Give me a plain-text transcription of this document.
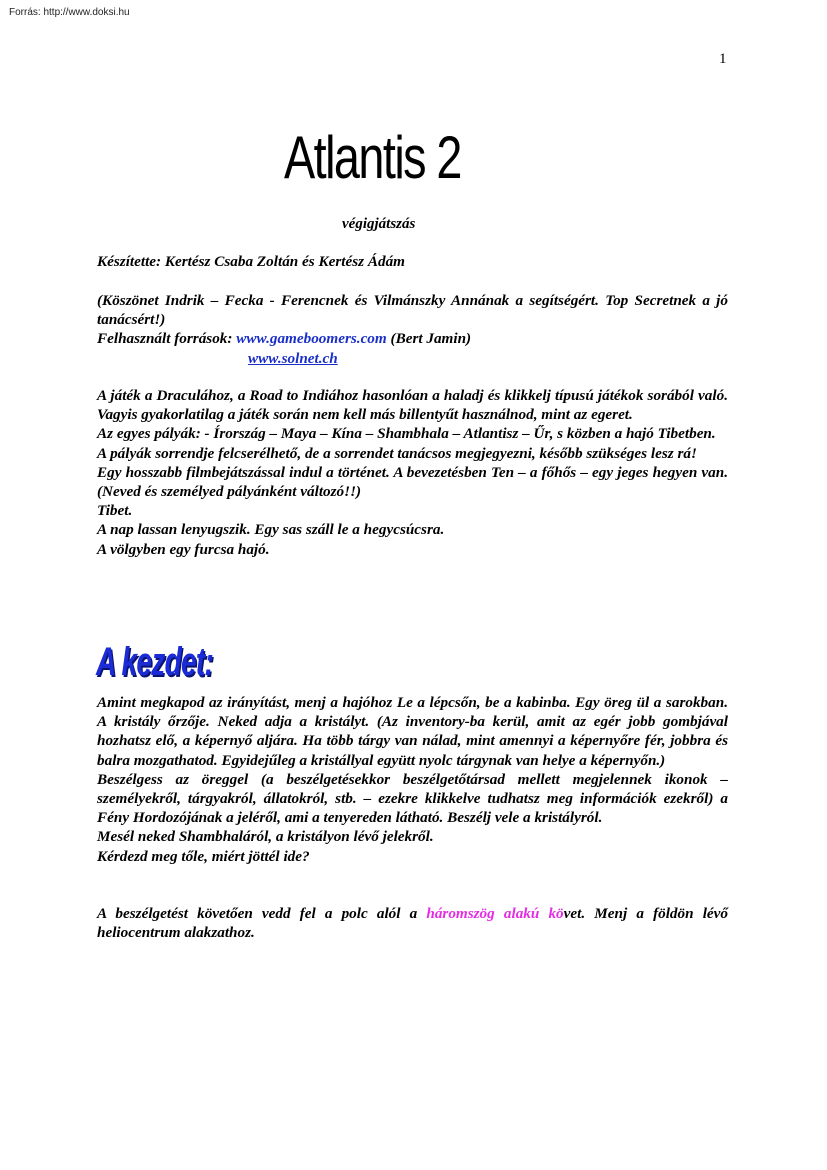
Forrás: http://www.doksi.hu
1
Atlantis 2
végigjátszás

Készítette: Kertész Csaba Zoltán és Kertész Ádám

(Köszönet Indrik – Fecka - Ferencnek és Vilmánszky Annának a segítségért. Top Secretnek a jó tanácsért!)

Felhasznált források: www.gameboomers.com (Bert Jamin)

www.solnet.ch

A játék a Draculához, a Road to Indiához hasonlóan a haladj és klikkelj típusú játékok sorából való. Vagyis gyakorlatilag a játék során nem kell más billentyűt használnod, mint az egeret.

Az egyes pályák: - Írország – Maya – Kína – Shambhala – Atlantisz – Űr, s közben a hajó Tibetben.

A pályák sorrendje felcserélhető, de a sorrendet tanácsos megjegyezni, később szükséges lesz rá!

Egy hosszabb filmbejátszással indul a történet. A bevezetésben Ten – a főhős – egy jeges hegyen van. (Neved és személyed pályánként változó!!)

Tibet.

A nap lassan lenyugszik. Egy sas száll le a hegycsúcsra.

A völgyben egy furcsa hajó.

A kezdet:

Amint megkapod az irányítást, menj a hajóhoz Le a lépcsőn, be a kabinba. Egy öreg ül a sarokban. A kristály őrzője. Neked adja a kristályt. (Az inventory-ba kerül, amit az egér jobb gombjával hozhatsz elő, a képernyő aljára. Ha több tárgy van nálad, mint amennyi a képernyőre fér, jobbra és balra mozgathatod. Egyidejűleg a kristállyal együtt nyolc tárgynak van helye a képernyőn.)

Beszélgess az öreggel (a beszélgetésekkor beszélgetőtársad mellett megjelennek ikonok – személyekről, tárgyakról, állatokról, stb. – ezekre klikkelve tudhatsz meg információk ezekről) a Fény Hordozójának a jeléről, ami a tenyereden látható. Beszélj vele a kristályról.

Mesél neked Shambhaláról, a kristályon lévő jelekről.

Kérdezd meg tőle, miért jöttél ide?

A beszélgetést követően vedd fel a polc alól a háromszög alakú követ. Menj a földön lévő heliocentrum alakzathoz.
